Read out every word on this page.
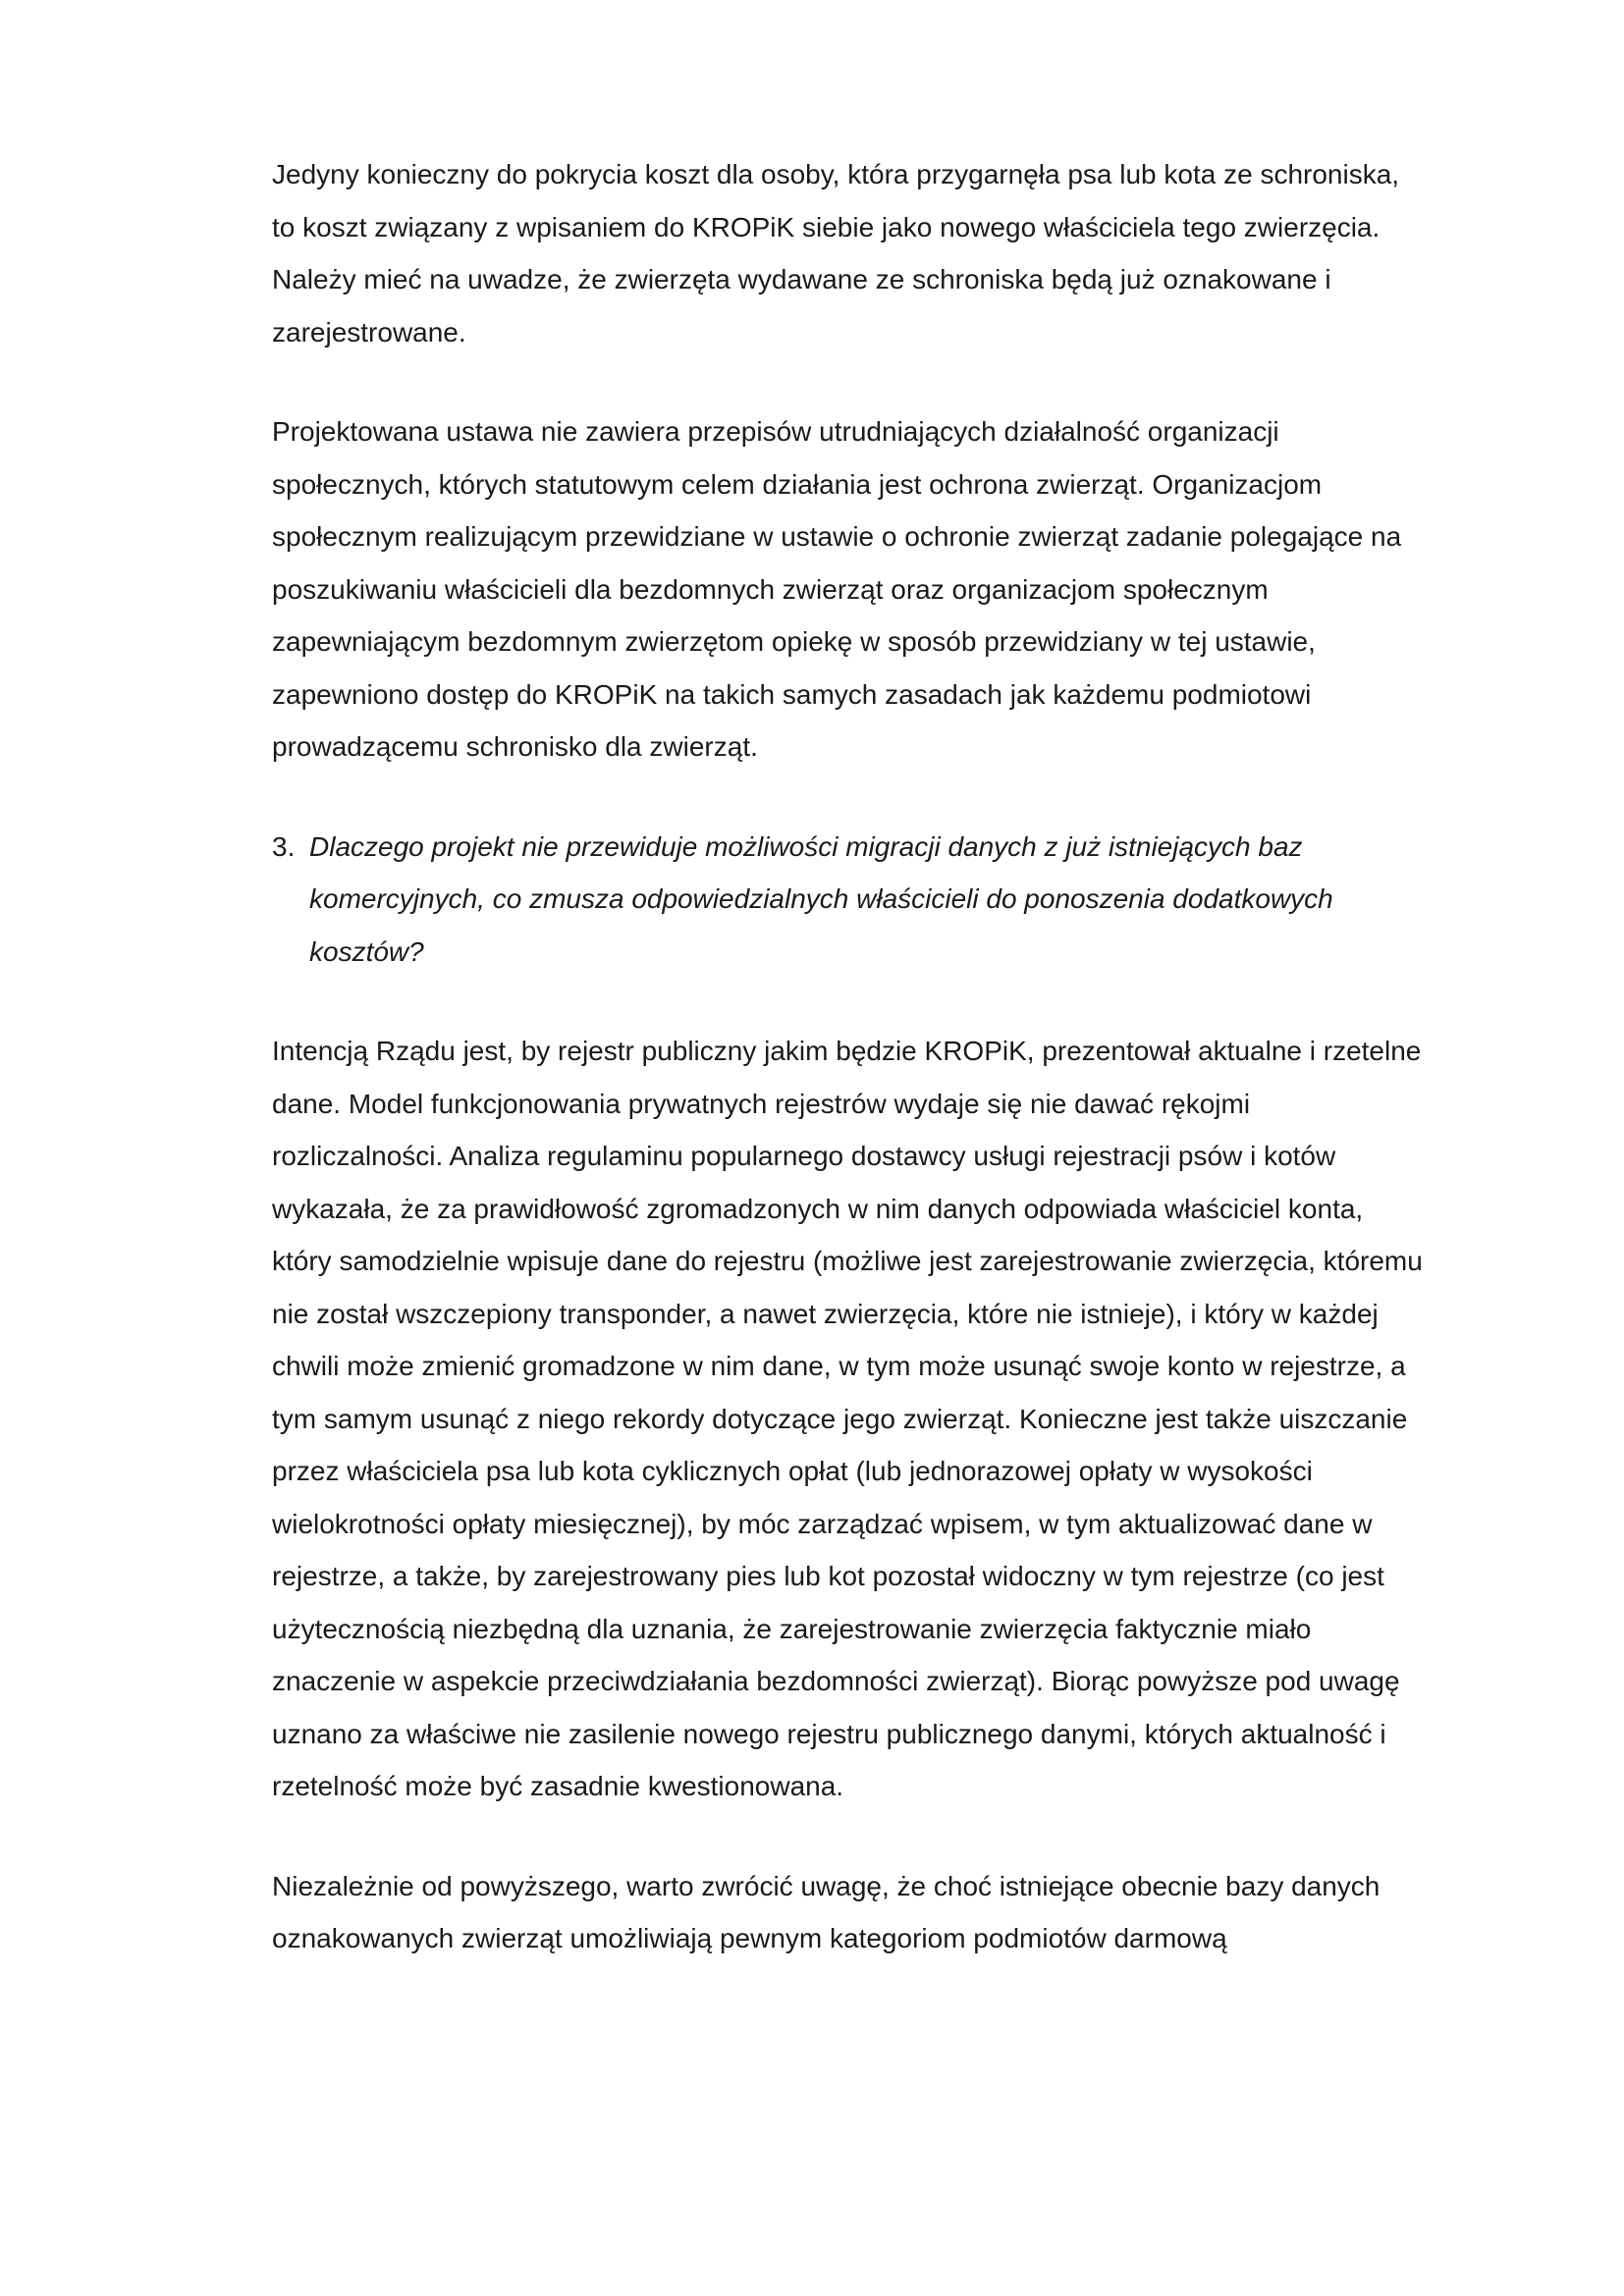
Jedyny konieczny do pokrycia koszt dla osoby, która przygarnęła psa lub kota ze schroniska, to koszt związany z wpisaniem do KROPiK siebie jako nowego właściciela tego zwierzęcia. Należy mieć na uwadze, że zwierzęta wydawane ze schroniska będą już oznakowane i zarejestrowane.

Projektowana ustawa nie zawiera przepisów utrudniających działalność organizacji społecznych, których statutowym celem działania jest ochrona zwierząt. Organizacjom społecznym realizującym przewidziane w ustawie o ochronie zwierząt zadanie polegające na poszukiwaniu właścicieli dla bezdomnych zwierząt oraz organizacjom społecznym zapewniającym bezdomnym zwierzętom opiekę w sposób przewidziany w tej ustawie, zapewniono dostęp do KROPiK na takich samych zasadach jak każdemu podmiotowi prowadzącemu schronisko dla zwierząt.

3. Dlaczego projekt nie przewiduje możliwości migracji danych z już istniejących baz komercyjnych, co zmusza odpowiedzialnych właścicieli do ponoszenia dodatkowych kosztów?

Intencją Rządu jest, by rejestr publiczny jakim będzie KROPiK, prezentował aktualne i rzetelne dane. Model funkcjonowania prywatnych rejestrów wydaje się nie dawać rękojmi rozliczalności. Analiza regulaminu popularnego dostawcy usługi rejestracji psów i kotów wykazała, że za prawidłowość zgromadzonych w nim danych odpowiada właściciel konta, który samodzielnie wpisuje dane do rejestru (możliwe jest zarejestrowanie zwierzęcia, któremu nie został wszczepiony transponder, a nawet zwierzęcia, które nie istnieje), i który w każdej chwili może zmienić gromadzone w nim dane, w tym może usunąć swoje konto w rejestrze, a tym samym usunąć z niego rekordy dotyczące jego zwierząt. Konieczne jest także uiszczanie przez właściciela psa lub kota cyklicznych opłat (lub jednorazowej opłaty w wysokości wielokrotności opłaty miesięcznej), by móc zarządzać wpisem, w tym aktualizować dane w rejestrze, a także, by zarejestrowany pies lub kot pozostał widoczny w tym rejestrze (co jest użytecznością niezbędną dla uznania, że zarejestrowanie zwierzęcia faktycznie miało znaczenie w aspekcie przeciwdziałania bezdomności zwierząt). Biorąc powyższe pod uwagę uznano za właściwe nie zasilenie nowego rejestru publicznego danymi, których aktualność i rzetelność może być zasadnie kwestionowana.

Niezależnie od powyższego, warto zwrócić uwagę, że choć istniejące obecnie bazy danych oznakowanych zwierząt umożliwiają pewnym kategoriom podmiotów darmową
